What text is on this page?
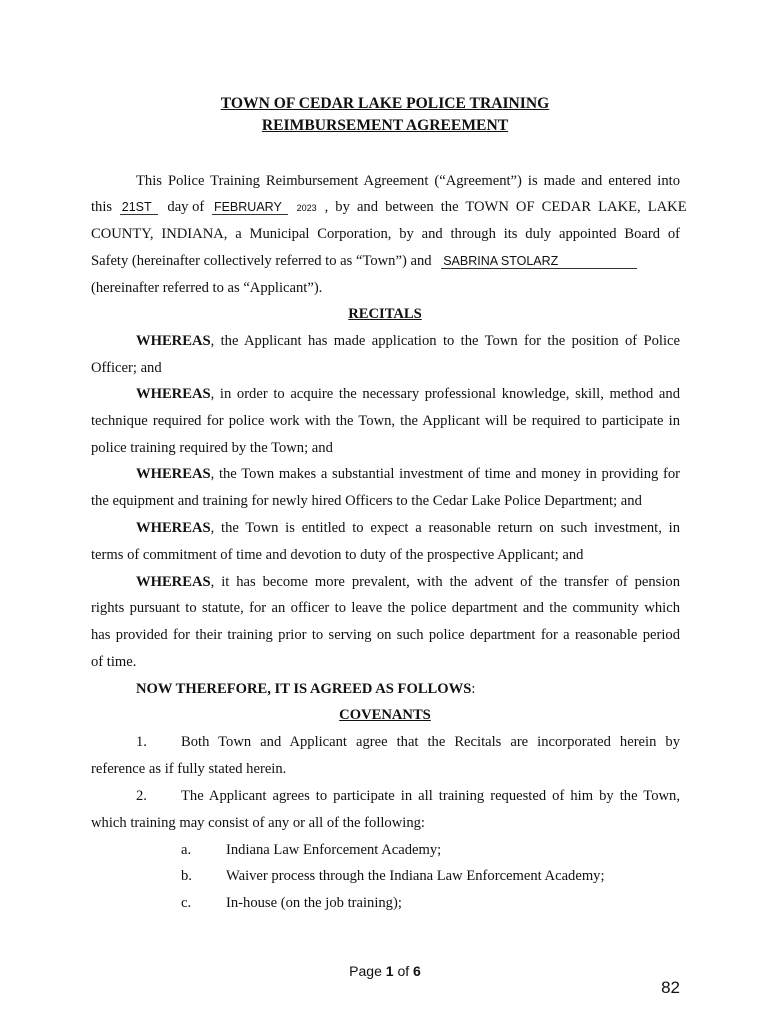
TOWN OF CEDAR LAKE POLICE TRAINING
REIMBURSEMENT AGREEMENT
This Police Training Reimbursement Agreement (“Agreement”) is made and entered into
this 21ST day of FEBRUARY 2023 , by and between the TOWN OF CEDAR LAKE, LAKE
COUNTY, INDIANA, a Municipal Corporation, by and through its duly appointed Board of
Safety (hereinafter collectively referred to as “Town”) and SABRINA STOLARZ
(hereinafter referred to as “Applicant”).
RECITALS
WHEREAS, the Applicant has made application to the Town for the position of Police
Officer; and
WHEREAS, in order to acquire the necessary professional knowledge, skill, method and
technique required for police work with the Town, the Applicant will be required to participate in
police training required by the Town; and
WHEREAS, the Town makes a substantial investment of time and money in providing for
the equipment and training for newly hired Officers to the Cedar Lake Police Department; and
WHEREAS, the Town is entitled to expect a reasonable return on such investment, in
terms of commitment of time and devotion to duty of the prospective Applicant; and
WHEREAS, it has become more prevalent, with the advent of the transfer of pension
rights pursuant to statute, for an officer to leave the police department and the community which
has provided for their training prior to serving on such police department for a reasonable period
of time.
NOW THEREFORE, IT IS AGREED AS FOLLOWS:
COVENANTS
1. Both Town and Applicant agree that the Recitals are incorporated herein by
reference as if fully stated herein.
2. The Applicant agrees to participate in all training requested of him by the Town,
which training may consist of any or all of the following:
a. Indiana Law Enforcement Academy;
b. Waiver process through the Indiana Law Enforcement Academy;
c. In-house (on the job training);
Page 1 of 6
82
